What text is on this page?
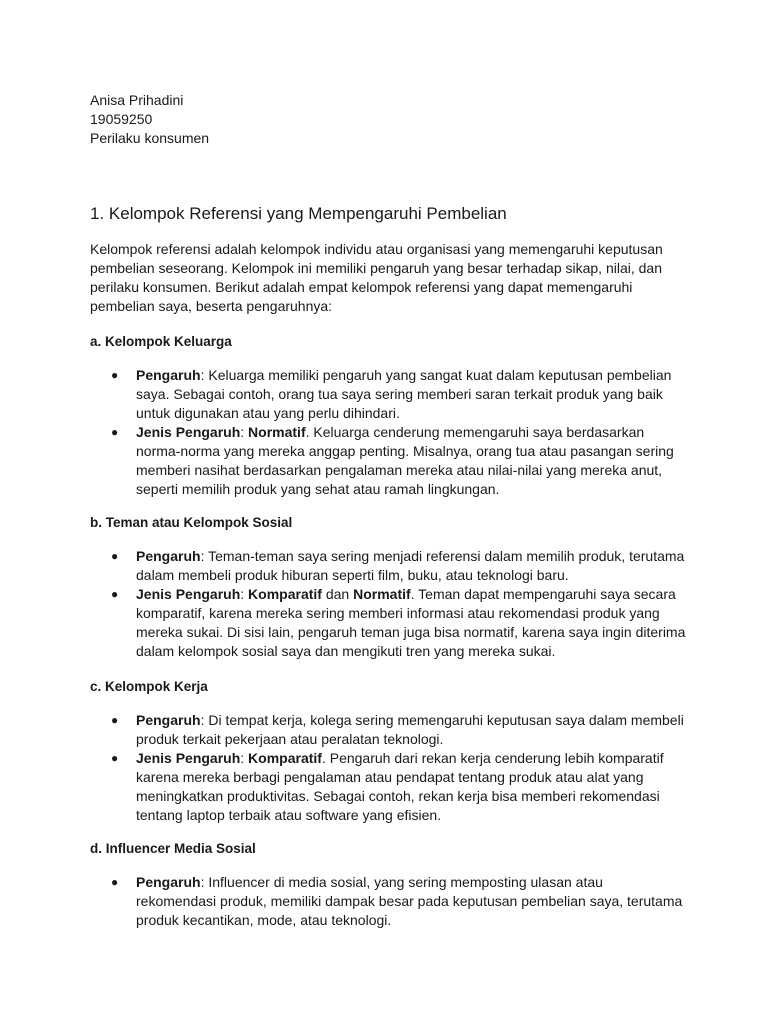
Anisa Prihadini
19059250
Perilaku konsumen
1. Kelompok Referensi yang Mempengaruhi Pembelian

Kelompok referensi adalah kelompok individu atau organisasi yang memengaruhi keputusan
pembelian seseorang. Kelompok ini memiliki pengaruh yang besar terhadap sikap, nilai, dan
perilaku konsumen. Berikut adalah empat kelompok referensi yang dapat memengaruhi
pembelian saya, beserta pengaruhnya:

a. Kelompok Keluarga
● Pengaruh: Keluarga memiliki pengaruh yang sangat kuat dalam keputusan pembelian
saya. Sebagai contoh, orang tua saya sering memberi saran terkait produk yang baik
untuk digunakan atau yang perlu dihindari.
● Jenis Pengaruh: Normatif. Keluarga cenderung memengaruhi saya berdasarkan
norma-norma yang mereka anggap penting. Misalnya, orang tua atau pasangan sering
memberi nasihat berdasarkan pengalaman mereka atau nilai-nilai yang mereka anut,
seperti memilih produk yang sehat atau ramah lingkungan.
b. Teman atau Kelompok Sosial
● Pengaruh: Teman-teman saya sering menjadi referensi dalam memilih produk, terutama
dalam membeli produk hiburan seperti film, buku, atau teknologi baru.
● Jenis Pengaruh: Komparatif dan Normatif. Teman dapat mempengaruhi saya secara
komparatif, karena mereka sering memberi informasi atau rekomendasi produk yang
mereka sukai. Di sisi lain, pengaruh teman juga bisa normatif, karena saya ingin diterima
dalam kelompok sosial saya dan mengikuti tren yang mereka sukai.
c. Kelompok Kerja
● Pengaruh: Di tempat kerja, kolega sering memengaruhi keputusan saya dalam membeli
produk terkait pekerjaan atau peralatan teknologi.
● Jenis Pengaruh: Komparatif. Pengaruh dari rekan kerja cenderung lebih komparatif
karena mereka berbagi pengalaman atau pendapat tentang produk atau alat yang
meningkatkan produktivitas. Sebagai contoh, rekan kerja bisa memberi rekomendasi
tentang laptop terbaik atau software yang efisien.
d. Influencer Media Sosial
● Pengaruh: Influencer di media sosial, yang sering memposting ulasan atau
rekomendasi produk, memiliki dampak besar pada keputusan pembelian saya, terutama
produk kecantikan, mode, atau teknologi.
